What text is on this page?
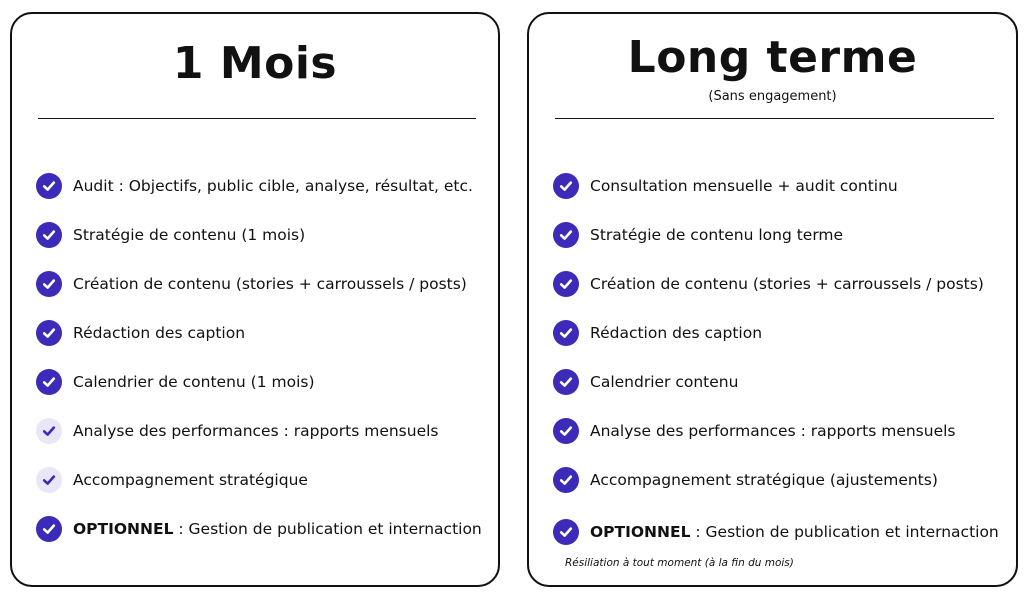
1 Mois
Audit : Objectifs, public cible, analyse, résultat, etc.
Stratégie de contenu (1 mois)
Création de contenu (stories + carroussels / posts)
Rédaction des caption
Calendrier de contenu (1 mois)
Analyse des performances : rapports mensuels
Accompagnement stratégique
OPTIONNEL : Gestion de publication et internaction
Long terme
(Sans engagement)
Consultation mensuelle + audit continu
Stratégie de contenu long terme
Création de contenu (stories + carroussels / posts)
Rédaction des caption
Calendrier contenu
Analyse des performances : rapports mensuels
Accompagnement stratégique (ajustements)
OPTIONNEL : Gestion de publication et internaction
Résiliation à tout moment (à la fin du mois)
